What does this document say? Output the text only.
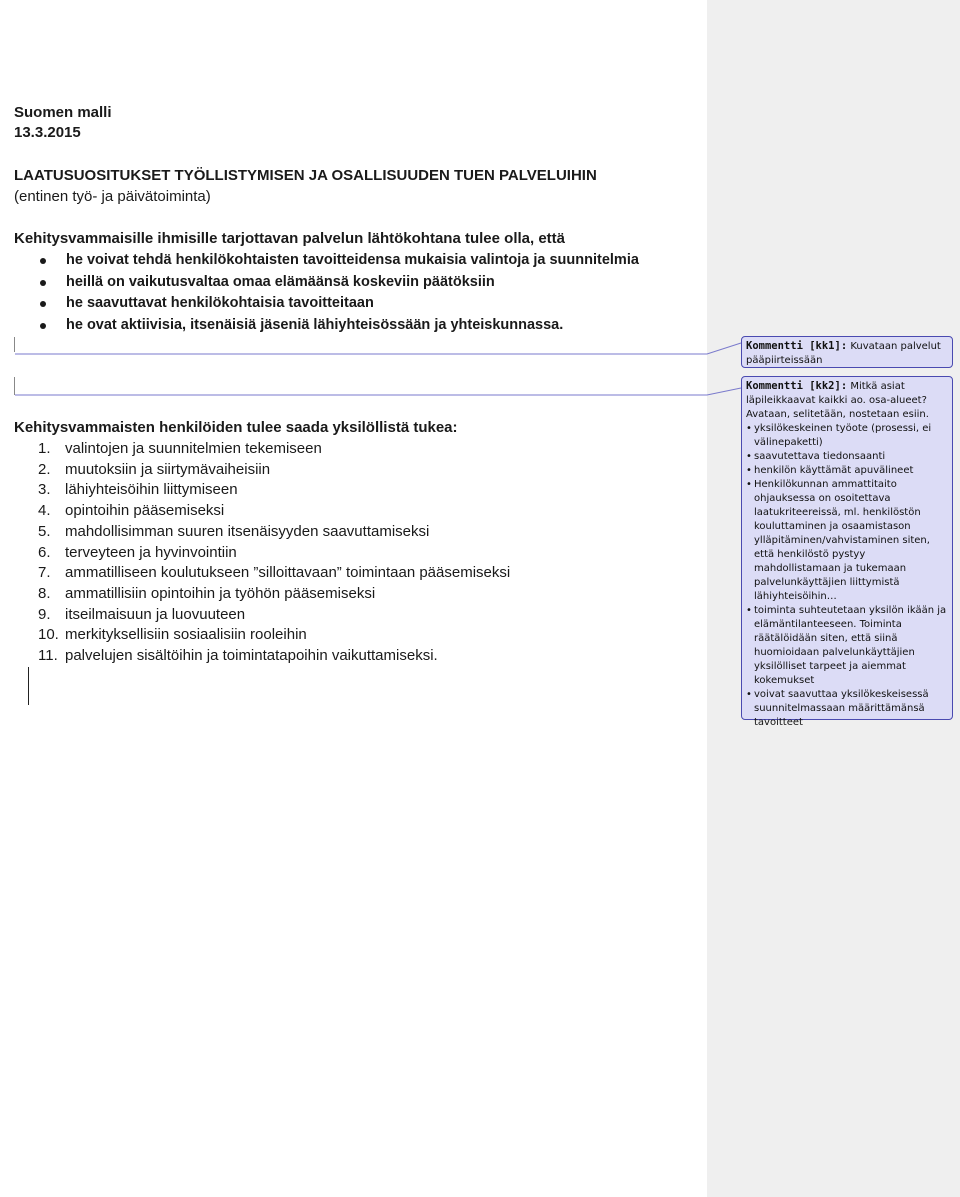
Suomen malli
13.3.2015
LAATUSUOSITUKSET TYÖLLISTYMISEN JA OSALLISUUDEN TUEN PALVELUIHIN
(entinen työ- ja päivätoiminta)
Kehitysvammaisille ihmisille tarjottavan palvelun lähtökohtana tulee olla, että
he voivat tehdä henkilökohtaisten tavoitteidensa mukaisia valintoja ja suunnitelmia
heillä on vaikutusvaltaa omaa elämäänsä koskeviin päätöksiin
he saavuttavat henkilökohtaisia tavoitteitaan
he ovat aktiivisia, itsenäisiä jäseniä lähiyhteisössään ja yhteiskunnassa.
Kehitysvammaisten henkilöiden tulee saada yksilöllistä tukea:
1. valintojen ja suunnitelmien tekemiseen
2. muutoksiin ja siirtymävaiheisiin
3. lähiyhteisöihin liittymiseen
4. opintoihin pääsemiseksi
5. mahdollisimman suuren itsenäisyyden saavuttamiseksi
6. terveyteen ja hyvinvointiin
7. ammatilliseen koulutukseen ”silloittavaan” toimintaan pääsemiseksi
8. ammatillisiin opintoihin ja työhön pääsemiseksi
9. itseilmaisuun ja luovuuteen
10. merkityksellisiin sosiaalisiin rooleihin
11. palvelujen sisältöihin ja toimintatapoihin vaikuttamiseksi.
Kommentti [kk1]: Kuvataan palvelut pääpiirteissään
Kommentti [kk2]: Mitkä asiat läpileikkaavat kaikki ao. osa-alueet? Avataan, selitetään, nostetaan esiin.
• yksilökeskeinen työote (prosessi, ei välinepaketti)
• saavutettava tiedonsaanti
• henkilön käyttämät apuvälineet
• Henkilökunnan ammattitaito ohjauksessa on osoitettava laatukriteereissä, ml. henkilöstön kouluttaminen ja osaamistason ylläpitäminen/vahvistaminen siten, että henkilöstö pystyy mahdollistamaan ja tukemaan palvelunkäyttäjien liittymistä lähiyhteisöihin…
• toiminta suhteutetaan yksilön ikään ja elämäntilanteeseen. Toiminta räätälöidään siten, että siinä huomioidaan palvelunkäyttäjien yksilölliset tarpeet ja aiemmat kokemukset
• voivat saavuttaa yksilökeskeisessä suunnitelmassaan määrittämänsä tavoitteet
